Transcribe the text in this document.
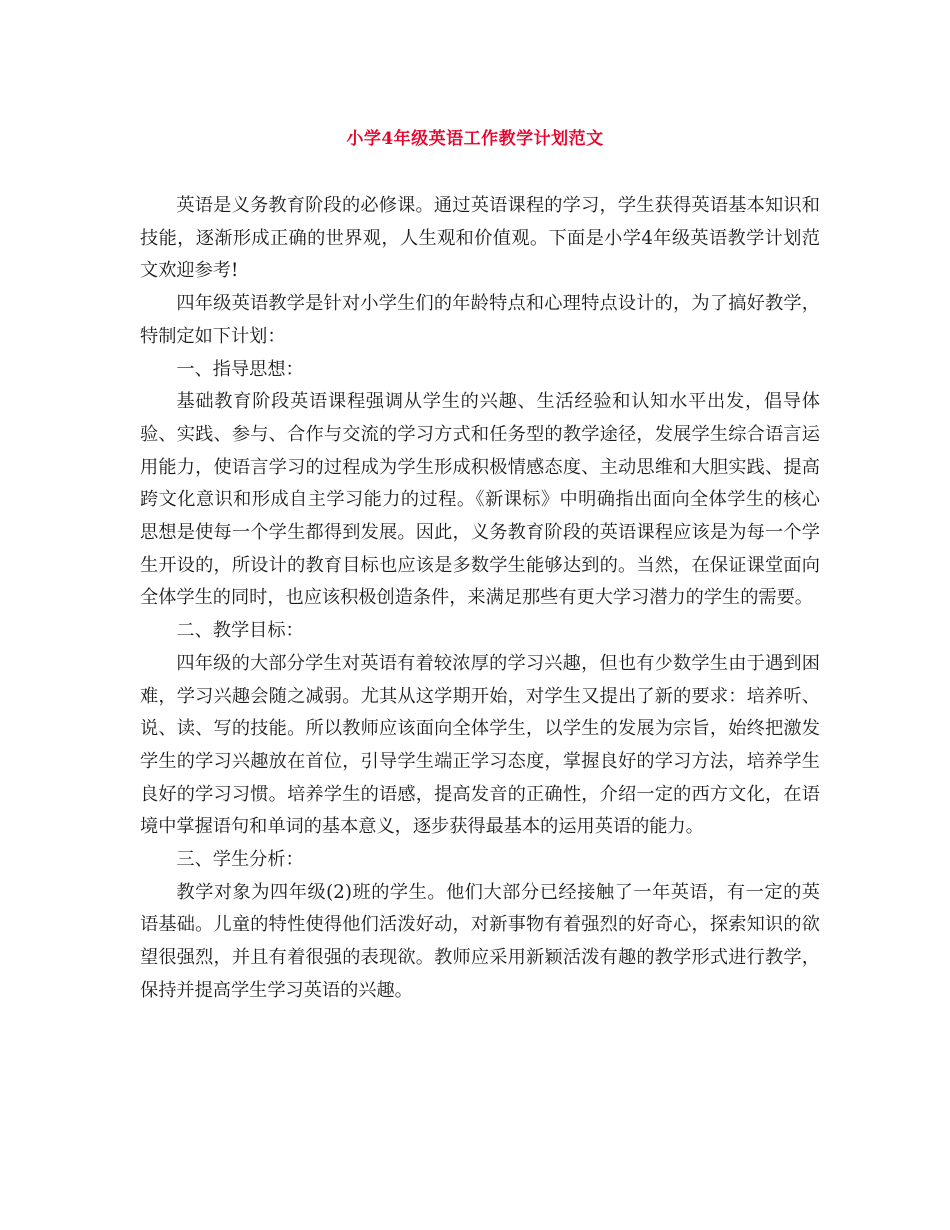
小学4年级英语工作教学计划范文

英语是义务教育阶段的必修课。通过英语课程的学习，学生获得英语基本知识和技能，逐渐形成正确的世界观，人生观和价值观。下面是小学4年级英语教学计划范文欢迎参考!

四年级英语教学是针对小学生们的年龄特点和心理特点设计的，为了搞好教学，特制定如下计划：

一、指导思想：

基础教育阶段英语课程强调从学生的兴趣、生活经验和认知水平出发，倡导体验、实践、参与、合作与交流的学习方式和任务型的教学途径，发展学生综合语言运用能力，使语言学习的过程成为学生形成积极情感态度、主动思维和大胆实践、提高跨文化意识和形成自主学习能力的过程。《新课标》中明确指出面向全体学生的核心思想是使每一个学生都得到发展。因此，义务教育阶段的英语课程应该是为每一个学生开设的，所设计的教育目标也应该是多数学生能够达到的。当然，在保证课堂面向全体学生的同时，也应该积极创造条件，来满足那些有更大学习潜力的学生的需要。

二、教学目标：

四年级的大部分学生对英语有着较浓厚的学习兴趣，但也有少数学生由于遇到困难，学习兴趣会随之减弱。尤其从这学期开始，对学生又提出了新的要求：培养听、说、读、写的技能。所以教师应该面向全体学生，以学生的发展为宗旨，始终把激发学生的学习兴趣放在首位，引导学生端正学习态度，掌握良好的学习方法，培养学生良好的学习习惯。培养学生的语感，提高发音的正确性，介绍一定的西方文化，在语境中掌握语句和单词的基本意义，逐步获得最基本的运用英语的能力。

三、学生分析：

教学对象为四年级(2)班的学生。他们大部分已经接触了一年英语，有一定的英语基础。儿童的特性使得他们活泼好动，对新事物有着强烈的好奇心，探索知识的欲望很强烈，并且有着很强的表现欲。教师应采用新颖活泼有趣的教学形式进行教学，保持并提高学生学习英语的兴趣。
